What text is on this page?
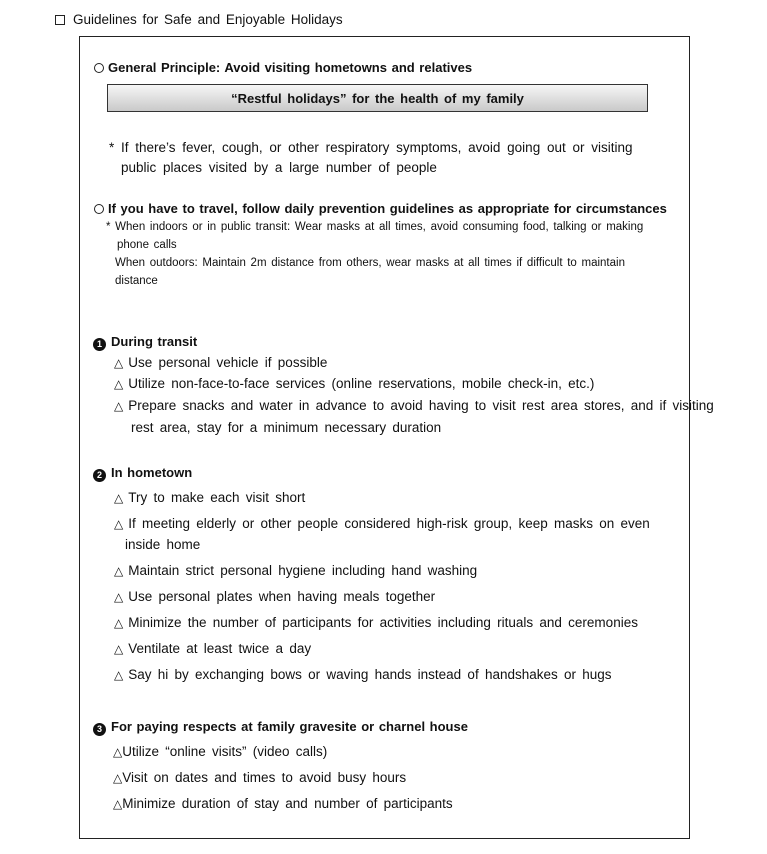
Guidelines for Safe and Enjoyable Holidays
General Principle: Avoid visiting hometowns and relatives
“Restful holidays” for the health of my family
* If there’s fever, cough, or other respiratory symptoms, avoid going out or visiting
public places visited by a large number of people
If you have to travel, follow daily prevention guidelines as appropriate for circumstances
* When indoors or in public transit: Wear masks at all times, avoid consuming food, talking or making
phone calls
When outdoors: Maintain 2m distance from others, wear masks at all times if difficult to maintain
distance
1 During transit
△ Use personal vehicle if possible
△ Utilize non-face-to-face services (online reservations, mobile check-in, etc.)
△ Prepare snacks and water in advance to avoid having to visit rest area stores, and if visiting
rest area, stay for a minimum necessary duration
2 In hometown
△ Try to make each visit short
△ If meeting elderly or other people considered high-risk group, keep masks on even
inside home
△ Maintain strict personal hygiene including hand washing
△ Use personal plates when having meals together
△ Minimize the number of participants for activities including rituals and ceremonies
△ Ventilate at least twice a day
△ Say hi by exchanging bows or waving hands instead of handshakes or hugs
3 For paying respects at family gravesite or charnel house
△Utilize “online visits” (video calls)
△Visit on dates and times to avoid busy hours
△Minimize duration of stay and number of participants
